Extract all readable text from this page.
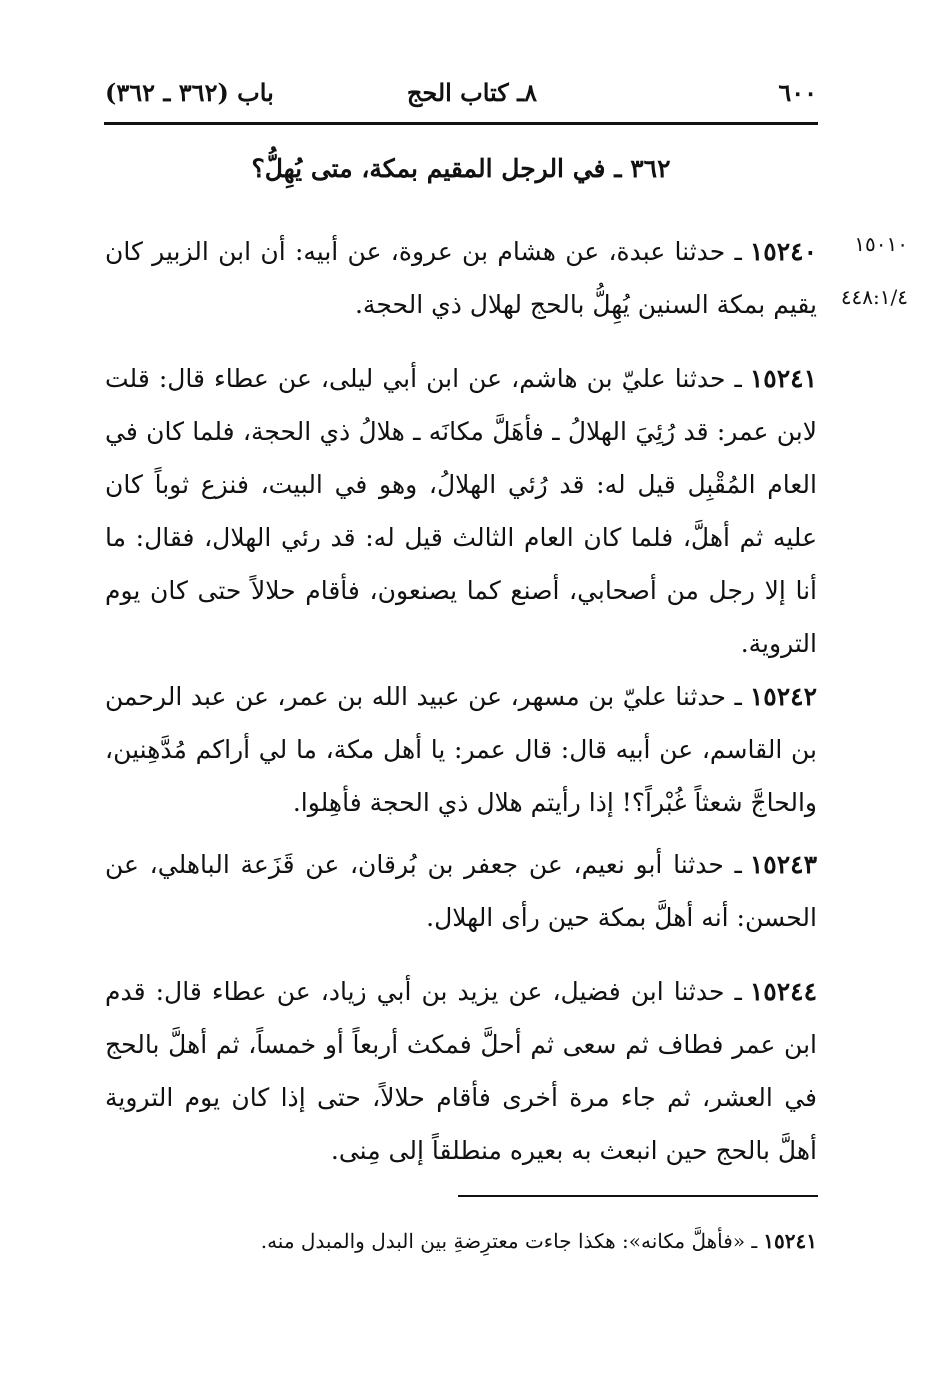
٦٠٠
٨ـ كتاب الحج
باب (٣٦٢ ـ ٣٦٢)
٣٦٢ ـ في الرجل المقيم بمكة، متى يُهِلُّ؟
١٥٠١٠
٤٤٨:١/٤
١٥٢٤٠ـ حدثنا عبدة، عن هشام بن عروة، عن أبيه: أن ابن الزبير كان يقيم بمكة السنين يُهِلُّ بالحج لهلال ذي الحجة.
١٥٢٤١ـ حدثنا عليّ بن هاشم، عن ابن أبي ليلى، عن عطاء قال: قلت لابن عمر: قد رُئِيَ الهلالُ ـ فأهَلَّ مكانَه ـ هلالُ ذي الحجة، فلما كان في العام المُقْبِل قيل له: قد رُئي الهلالُ، وهو في البيت، فنزع ثوباً كان عليه ثم أهلَّ، فلما كان العام الثالث قيل له: قد رئي الهلال، فقال: ما أنا إلا رجل من أصحابي، أصنع كما يصنعون، فأقام حلالاً حتى كان يوم التروية.
١٥٢٤٢ـ حدثنا عليّ بن مسهر، عن عبيد الله بن عمر، عن عبد الرحمن بن القاسم، عن أبيه قال: قال عمر: يا أهل مكة، ما لي أراكم مُدَّهِنين، والحاجَّ شعثاً غُبْراً؟! إذا رأيتم هلال ذي الحجة فأهِلوا.
١٥٢٤٣ـ حدثنا أبو نعيم، عن جعفر بن بُرقان، عن قَزَعة الباهلي، عن الحسن: أنه أهلَّ بمكة حين رأى الهلال.
١٥٢٤٤ـ حدثنا ابن فضيل، عن يزيد بن أبي زياد، عن عطاء قال: قدم ابن عمر فطاف ثم سعى ثم أحلَّ فمكث أربعاً أو خمساً، ثم أهلَّ بالحج في العشر، ثم جاء مرة أخرى فأقام حلالاً، حتى إذا كان يوم التروية أهلَّ بالحج حين انبعث به بعيره منطلقاً إلى مِنى.
١٥٢٤١ـ «فأهلَّ مكانه»: هكذا جاءت معترِضةِ بين البدل والمبدل منه.
